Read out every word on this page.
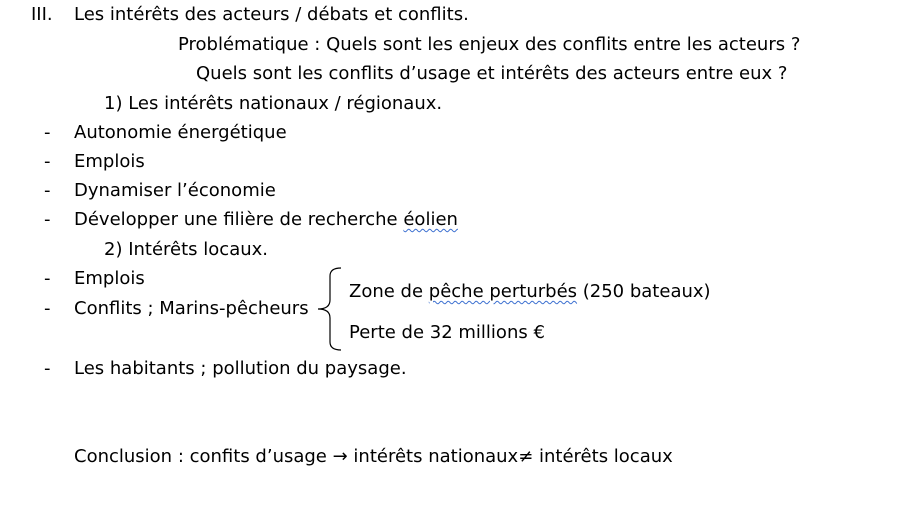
III. Les intérêts des acteurs / débats et conflits.
Problématique : Quels sont les enjeux des conflits entre les acteurs ?
Quels sont les conflits d’usage et intérêts des acteurs entre eux ?
1) Les intérêts nationaux / régionaux.
- Autonomie énergétique
- Emplois
- Dynamiser l’économie
- Développer une filière de recherche éolien
2) Intérêts locaux.
- Emplois
- Conflits ; Marins-pêcheurs
Zone de pêche perturbés (250 bateaux)
Perte de 32 millions €
- Les habitants ; pollution du paysage.
Conclusion : confits d’usage → intérêts nationaux≠ intérêts locaux
